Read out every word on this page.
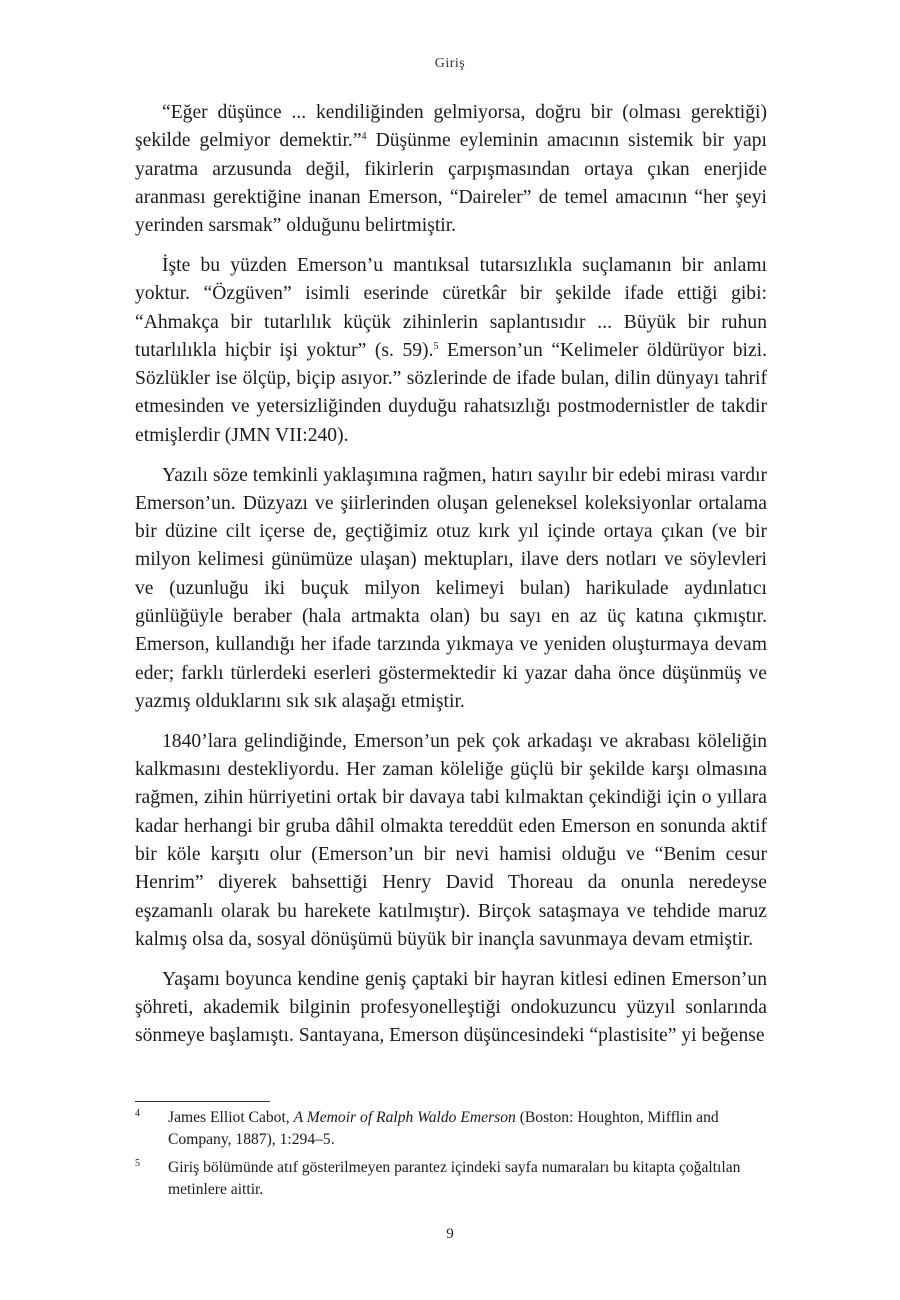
Giriş

“Eğer düşünce ... kendiliğinden gelmiyorsa, doğru bir (olması gerektiği) şekilde gelmiyor demektir.”$^4$ Düşünme eyleminin amacının sistemik bir yapı yaratma arzusunda değil, fikirlerin çarpışmasından ortaya çıkan enerjide aranması gerektiğine inanan Emerson, “Daireler” de temel amacının “her şeyi yerinden sarsmak” olduğunu belirtmiştir.

İşte bu yüzden Emerson’u mantıksal tutarsızlıkla suçlamanın bir anlamı yoktur. “Özgüven” isimli eserinde cüretkâr bir şekilde ifade ettiği gibi: “Ahmakça bir tutarlılık küçük zihinlerin saplantısıdır ... Büyük bir ruhun tutarlılıkla hiçbir işi yoktur” (s. 59).$^5$ Emerson’un “Kelimeler öldürüyor bizi. Sözlükler ise ölçüp, biçip asıyor.” sözlerinde de ifade bulan, dilin dünyayı tahrif etmesinden ve yetersizliğinden duyduğu rahatsızlığı postmodernistler de takdir etmişlerdir (JMN VII:240).

Yazılı söze temkinli yaklaşımına rağmen, hatırı sayılır bir edebi mirası vardır Emerson’un. Düzyazı ve şiirlerinden oluşan geleneksel koleksiyonlar ortalama bir düzine cilt içerse de, geçtiğimiz otuz kırk yıl içinde ortaya çıkan (ve bir milyon kelimesi günümüze ulaşan) mektupları, ilave ders notları ve söylevleri ve (uzunluğu iki buçuk milyon kelimeyi bulan) harikulade aydınlatıcı günlüğüyle beraber (hala artmakta olan) bu sayı en az üç katına çıkmıştır. Emerson, kullandığı her ifade tarzında yıkmaya ve yeniden oluşturmaya devam eder; farklı türlerdeki eserleri göstermektedir ki yazar daha önce düşünmüş ve yazmış olduklarını sık sık alaşağı etmiştir.

1840’lara gelindiğinde, Emerson’un pek çok arkadaşı ve akrabası köleliğin kalkmasını destekliyordu. Her zaman köleliğe güçlü bir şekilde karşı olmasına rağmen, zihin hürriyetini ortak bir davaya tabi kılmaktan çekindiği için o yıllara kadar herhangi bir gruba dâhil olmakta tereddüt eden Emerson en sonunda aktif bir köle karşıtı olur (Emerson’un bir nevi hamisi olduğu ve “Benim cesur Henrim” diyerek bahsettiği Henry David Thoreau da onunla neredeyse eşzamanlı olarak bu harekete katılmıştır). Birçok sataşmaya ve tehdide maruz kalmış olsa da, sosyal dönüşümü büyük bir inançla savunmaya devam etmiştir.

Yaşamı boyunca kendine geniş çaptaki bir hayran kitlesi edinen Emerson’un şöhreti, akademik bilginin profesyonelleştiği ondokuzuncu yüzyıl sonlarında sönmeye başlamıştı. Santayana, Emerson düşüncesindeki “plastisite” yi beğense

4 James Elliot Cabot, A Memoir of Ralph Waldo Emerson (Boston: Houghton, Mifflin and Company, 1887), 1:294–5.
5 Giriş bölümünde atıf gösterilmeyen parantez içindeki sayfa numaraları bu kitapta çoğaltılan metinlere aittir.
9
